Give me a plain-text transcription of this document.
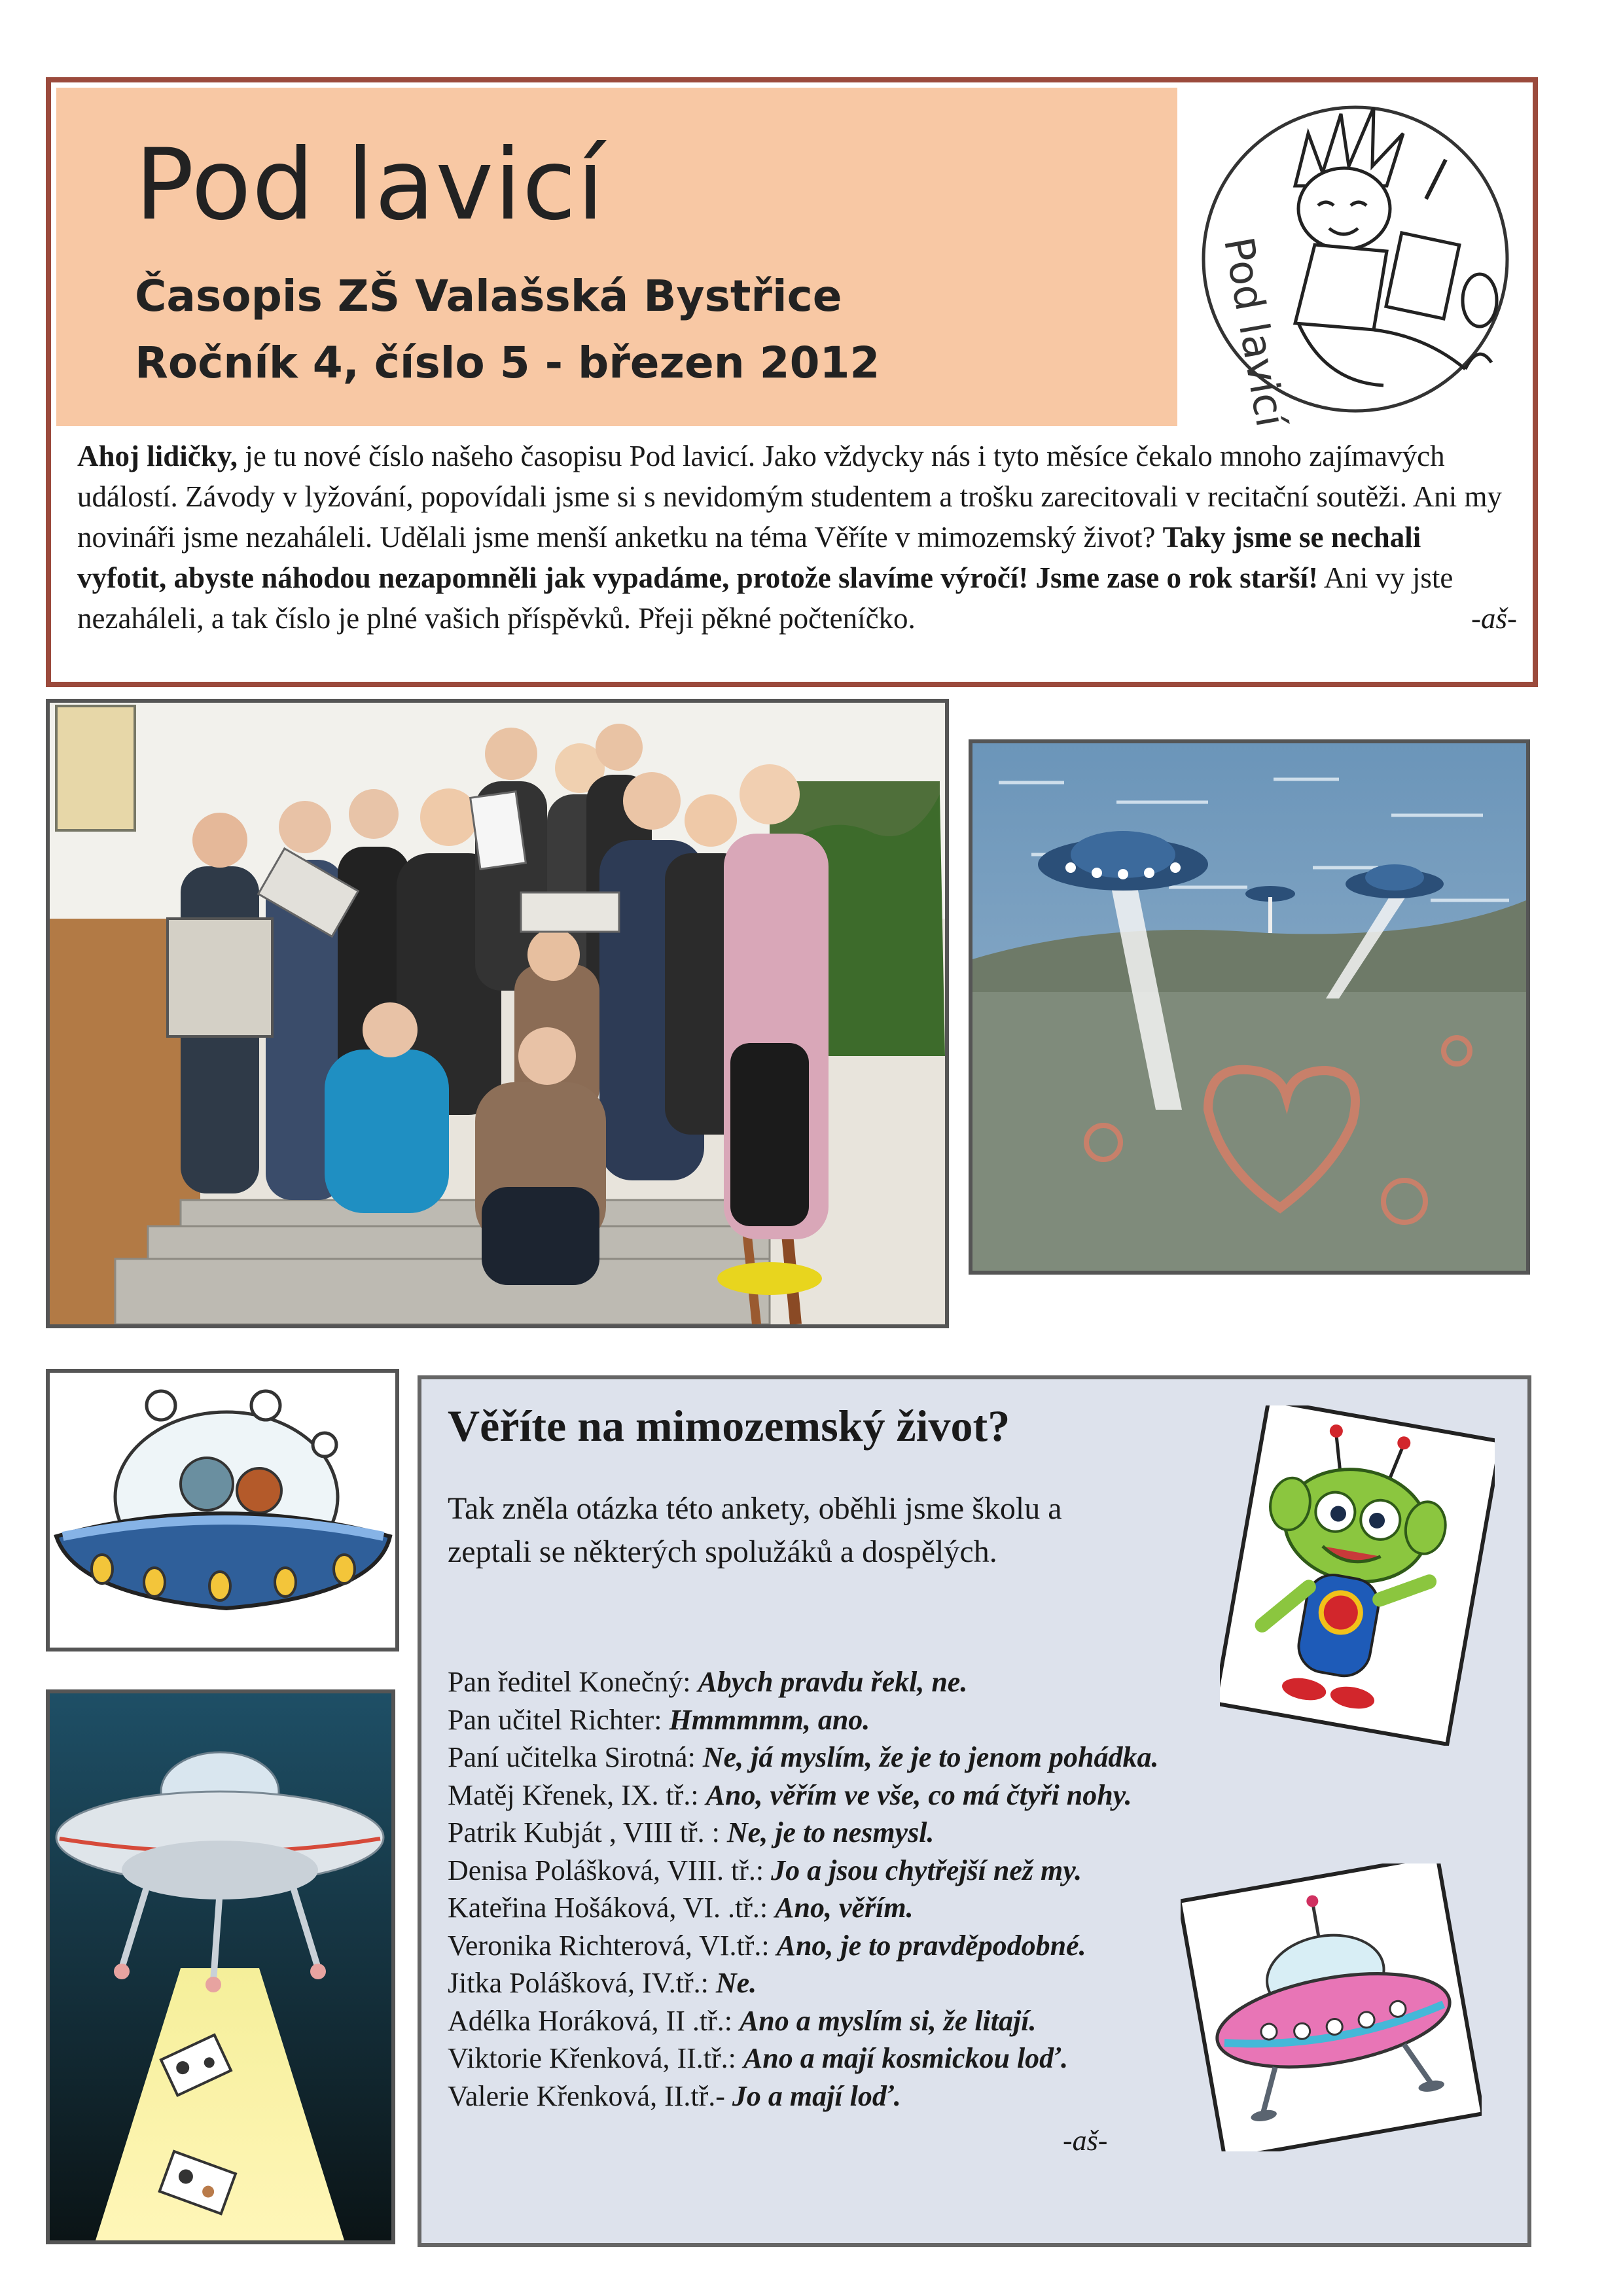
Pod lavicí
Časopis ZŠ Valašská Bystřice
Ročník 4, číslo 5 - březen 2012	Pod lavicí
Ahoj lidičky, je tu nové číslo našeho časopisu Pod lavicí. Jako vždycky nás i tyto měsíce čekalo mnoho zajímavých událostí. Závody v lyžování, popovídali jsme si s nevidomým studentem a trošku zarecitovali v recitační soutěži. Ani my novináři jsme nezaháleli. Udělali jsme menší anketku na téma Věříte v mimozemský život? Taky jsme se nechali vyfotit, abyste náhodou nezapomněli jak vypadáme, protože slavíme výročí! Jsme zase o rok starší! Ani vy jste nezaháleli, a tak číslo je plné vašich příspěvků. Přeji pěkné počteníčko.	-aš-
Věříte na mimozemský život?
Tak zněla otázka této ankety, oběhli jsme školu a zeptali se některých spolužáků a dospělých.
Pan ředitel Konečný: Abych pravdu řekl, ne.
Pan učitel Richter: Hmmmmm, ano.
Paní učitelka Sirotná: Ne, já myslím, že je to jenom pohádka.
Matěj Křenek, IX. tř.: Ano, věřím ve vše, co má čtyři nohy.
Patrik Kubját , VIII tř. : Ne, je to nesmysl.
Denisa Polášková, VIII. tř.: Jo a jsou chytřejší než my.
Kateřina Hošáková, VI. .tř.: Ano, věřím.
Veronika Richterová, VI.tř.: Ano, je to pravděpodobné.
Jitka Polášková, IV.tř.: Ne.
Adélka Horáková, II .tř.: Ano a myslím si, že litají.
Viktorie Křenková, II.tř.: Ano a mají kosmickou loď.
Valerie Křenková, II.tř.- Jo a mají loď.
-aš-
